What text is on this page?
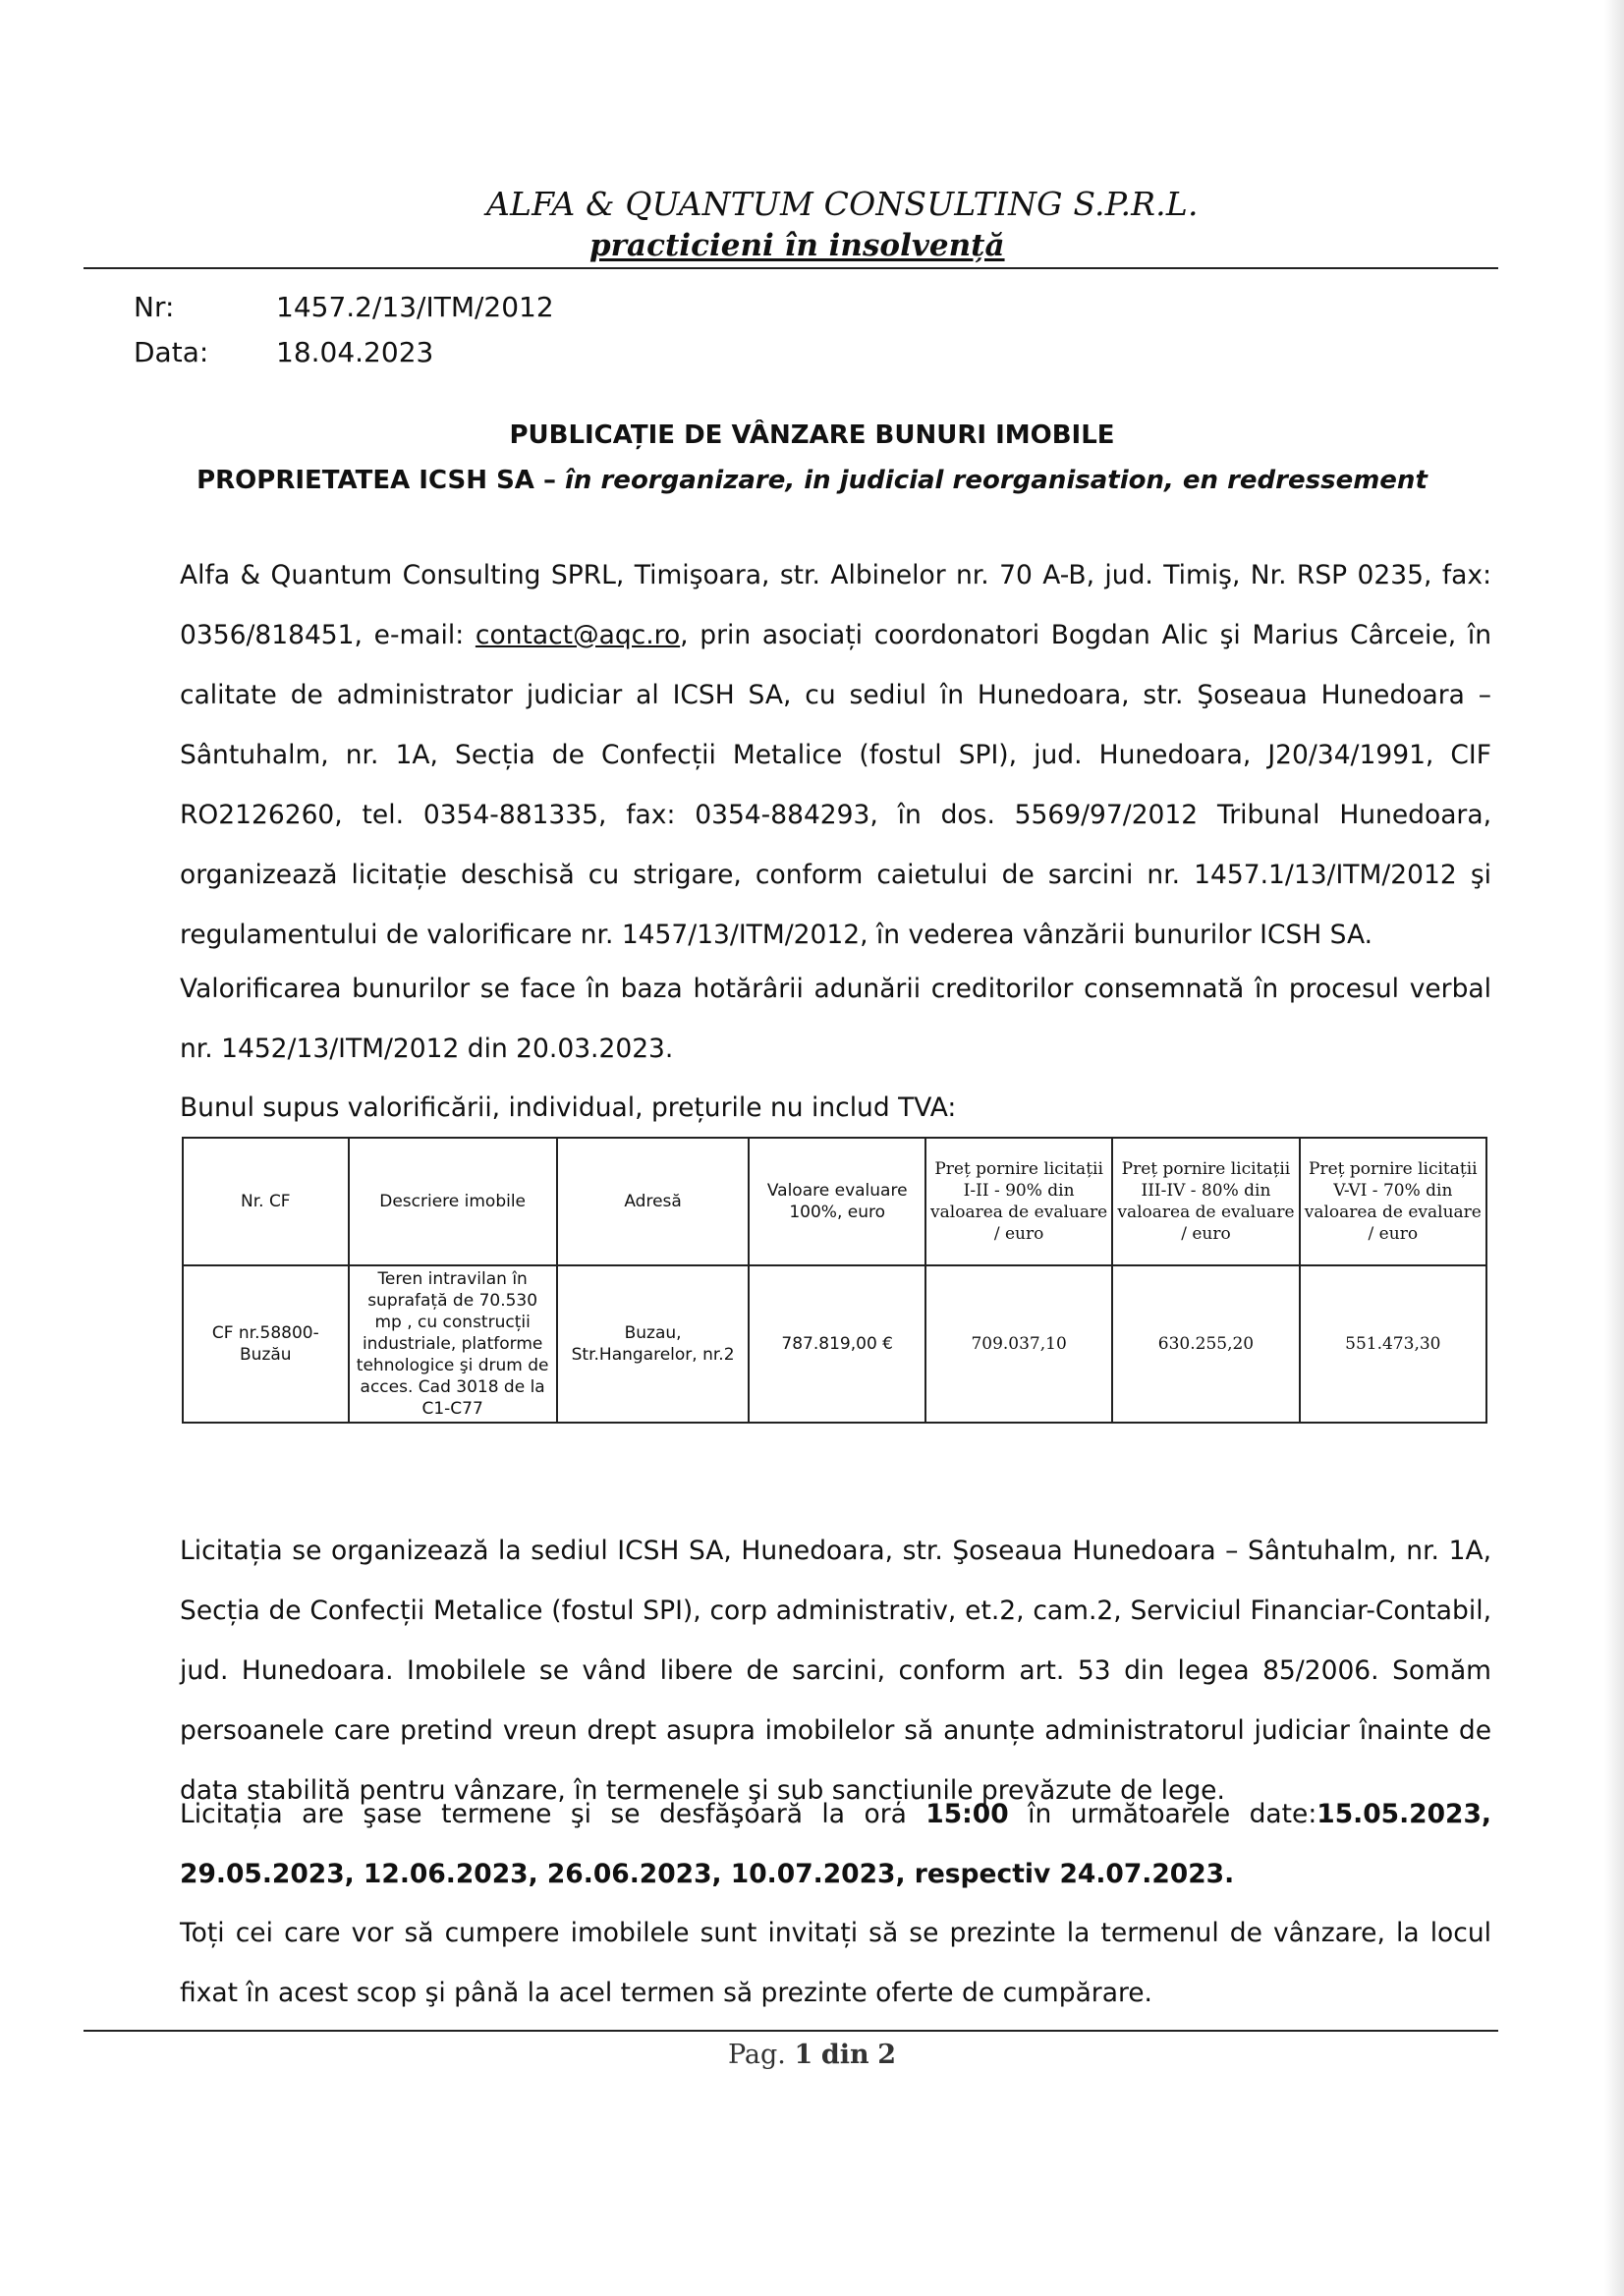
ALFA & QUANTUM CONSULTING S.P.R.L.
practicieni în insolvență
Nr:	1457.2/13/ITM/2012
Data: 18.04.2023
PUBLICAȚIE DE VÂNZARE BUNURI IMOBILE
PROPRIETATEA ICSH SA – în reorganizare, in judicial reorganisation, en redressement
Alfa & Quantum Consulting SPRL, Timişoara, str. Albinelor nr. 70 A-B, jud. Timiş, Nr. RSP 0235, fax: 0356/818451, e-mail: contact@aqc.ro, prin asociați coordonatori Bogdan Alic şi Marius Cârceie, în calitate de administrator judiciar al ICSH SA, cu sediul în Hunedoara, str. Şoseaua Hunedoara – Sântuhalm, nr. 1A, Secția de Confecții Metalice (fostul SPI), jud. Hunedoara, J20/34/1991, CIF RO2126260, tel. 0354-881335, fax: 0354-884293, în dos. 5569/97/2012 Tribunal Hunedoara, organizează licitație deschisă cu strigare, conform caietului de sarcini nr. 1457.1/13/ITM/2012 şi regulamentului de valorificare nr. 1457/13/ITM/2012, în vederea vânzării bunurilor ICSH SA.
Valorificarea bunurilor se face în baza hotărârii adunării creditorilor consemnată în procesul verbal nr. 1452/13/ITM/2012 din 20.03.2023.
Bunul supus valorificării, individual, prețurile nu includ TVA:
Nr. CF	Descriere imobile	Adresă	Valoare evaluare 100%, euro	Preț pornire licitații I-II - 90% din valoarea de evaluare / euro	Preț pornire licitații III-IV - 80% din valoarea de evaluare / euro	Preț pornire licitații V-VI - 70% din valoarea de evaluare / euro
CF nr.58800-Buzău	Teren intravilan în suprafață de 70.530 mp , cu construcții industriale, platforme tehnologice şi drum de acces. Cad 3018 de la C1-C77	Buzau, Str.Hangarelor, nr.2	787.819,00 €	709.037,10	630.255,20	551.473,30
Licitația se organizează la sediul ICSH SA, Hunedoara, str. Şoseaua Hunedoara – Sântuhalm, nr. 1A, Secția de Confecții Metalice (fostul SPI), corp administrativ, et.2, cam.2, Serviciul Financiar-Contabil, jud. Hunedoara. Imobilele se vând libere de sarcini, conform art. 53 din legea 85/2006. Somăm persoanele care pretind vreun drept asupra imobilelor să anunțe administratorul judiciar înainte de data stabilită pentru vânzare, în termenele şi sub sancțiunile prevăzute de lege.
Licitația are şase termene şi se desfăşoară la ora 15:00 în următoarele date:15.05.2023, 29.05.2023, 12.06.2023, 26.06.2023, 10.07.2023, respectiv 24.07.2023.
Toți cei care vor să cumpere imobilele sunt invitați să se prezinte la termenul de vânzare, la locul fixat în acest scop şi până la acel termen să prezinte oferte de cumpărare.
Pag. 1 din 2
